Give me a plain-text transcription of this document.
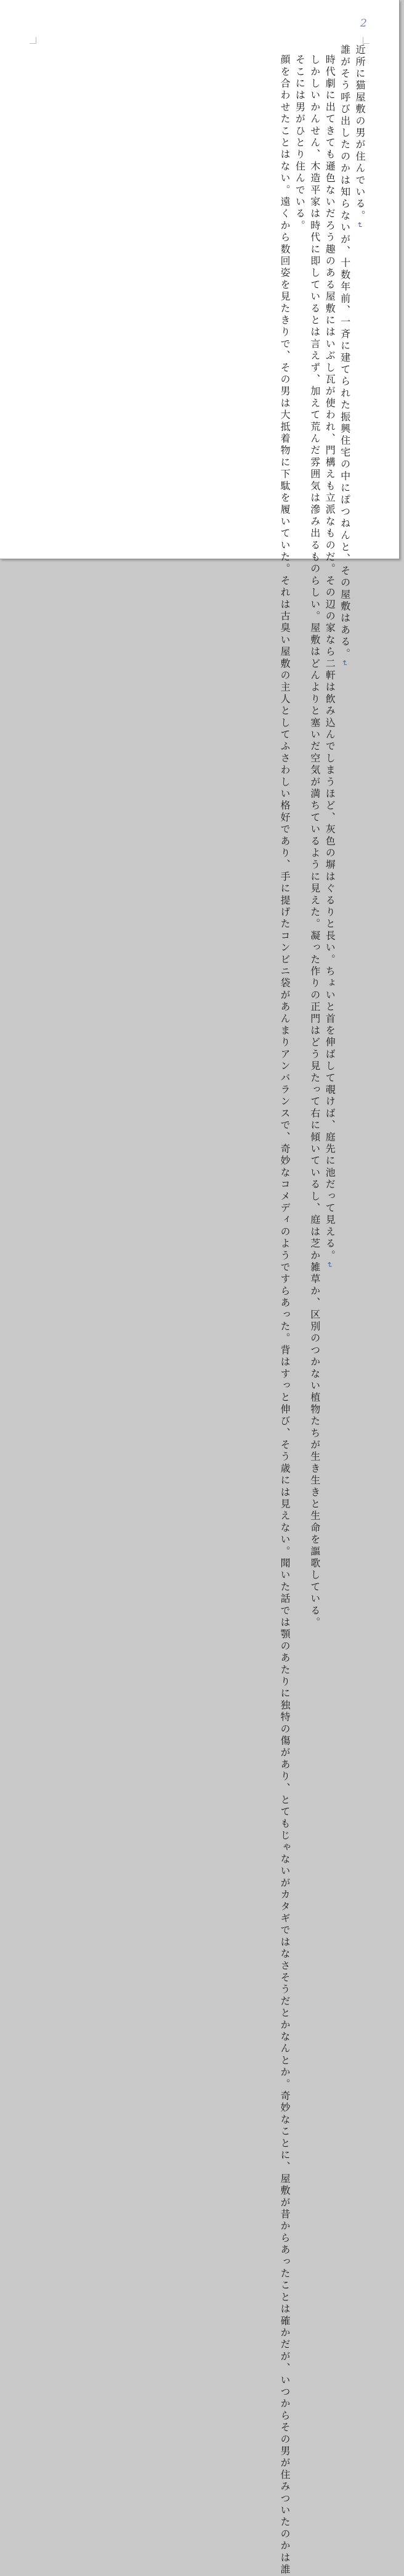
2

近所に猫屋敷の男が住んでいる。↵

誰がそう呼び出したのかは知らないが、十数年前、一斉に建てられた振興住宅の中にぽつねんと、その屋敷はある。↵

時代劇に出てきても遜色ないだろう趣のある屋敷にはいぶし瓦が使われ、門構えも立派なものだ。その辺の家なら二軒は飲み込んでしまうほど、灰色の塀はぐるりと長い。ちょいと首を伸ばして覗けば、庭先に池だって見える。↵

しかしいかんせん、木造平家は時代に即しているとは言えず、加えて荒んだ雰囲気は滲み出るものらしい。屋敷はどんよりと塞いだ空気が満ちているように見えた。凝った作りの正門はどう見たって右に傾いているし、庭は芝か雑草か、区別のつかない植物たちが生き生きと生命を謳歌している。

そこには男がひとり住んでいる。

顔を合わせたことはない。遠くから数回姿を見たきりで、その男は大抵着物に下駄を履いていた。それは古臭い屋敷の主人としてふさわしい格好であり、手に提げたコンビニ袋があんまりアンバランスで、奇妙なコメディのようですらあった。背はすっと伸び、そう歳には見えない。聞いた話では顎のあたりに独特の傷があり、とてもじゃないがカタギではなさそうだとかなんとか。奇妙なことに、屋敷が昔からあったことは確かだが、いつからその男が住みついたのかは誰
